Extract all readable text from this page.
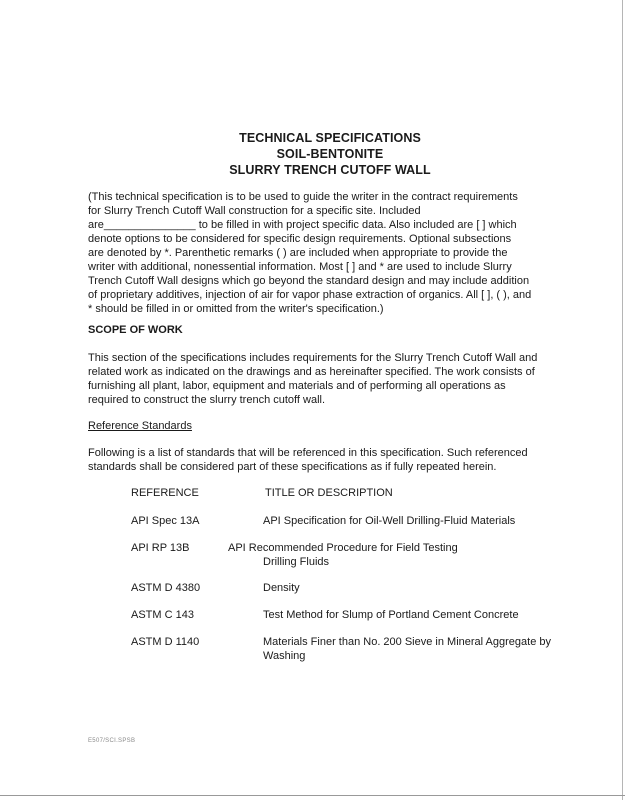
TECHNICAL SPECIFICATIONS
SOIL-BENTONITE
SLURRY TRENCH CUTOFF WALL

(This technical specification is to be used to guide the writer in the contract requirements
for Slurry Trench Cutoff Wall construction for a specific site. Included
are_______________ to be filled in with project specific data. Also included are [ ] which
denote options to be considered for specific design requirements. Optional subsections
are denoted by *. Parenthetic remarks ( ) are included when appropriate to provide the
writer with additional, nonessential information. Most [ ] and * are used to include Slurry
Trench Cutoff Wall designs which go beyond the standard design and may include addition
of proprietary additives, injection of air for vapor phase extraction of organics. All [ ], ( ), and
* should be filled in or omitted from the writer's specification.)

SCOPE OF WORK

This section of the specifications includes requirements for the Slurry Trench Cutoff Wall and
related work as indicated on the drawings and as hereinafter specified. The work consists of
furnishing all plant, labor, equipment and materials and of performing all operations as
required to construct the slurry trench cutoff wall.

Reference Standards

Following is a list of standards that will be referenced in this specification. Such referenced
standards shall be considered part of these specifications as if fully repeated herein.

REFERENCE	TITLE OR DESCRIPTION
API Spec 13A	API Specification for Oil-Well Drilling-Fluid Materials
API RP 13B	API Recommended Procedure for Field Testing
Drilling Fluids
ASTM D 4380	Density
ASTM C 143	Test Method for Slump of Portland Cement Concrete
ASTM D 1140	Materials Finer than No. 200 Sieve in Mineral Aggregate by
Washing
E507/SCI.SPSB
